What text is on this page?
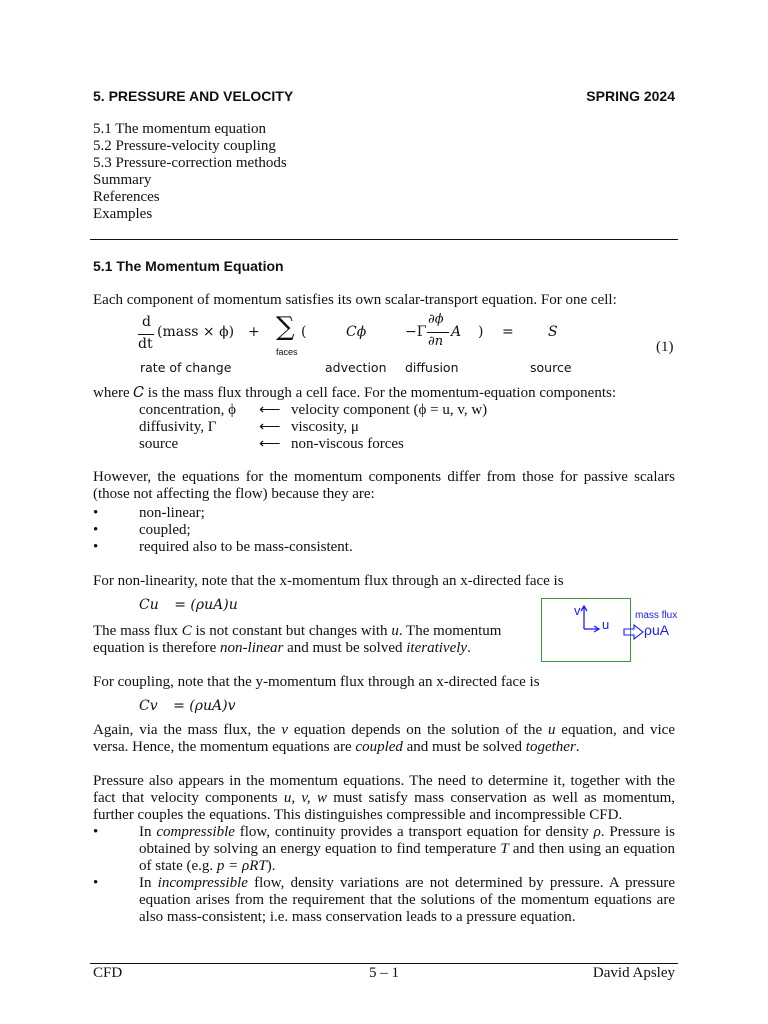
5. PRESSURE AND VELOCITY	SPRING 2024
5.1 The momentum equation
5.2 Pressure-velocity coupling
5.3 Pressure-correction methods
Summary
References
Examples
5.1 The Momentum Equation
Each component of momentum satisfies its own scalar-transport equation. For one cell:
d
dt
(mass × ϕ) + ∑ (
faces
Cϕ	−Γ
∂ϕ
∂n
A ) = S
(1)
rate of change	advection diffusion	source
where 𝐶 is the mass flux through a cell face. For the momentum-equation components:
concentration, ϕ ⟵ velocity component (ϕ = u, v, w)
diffusivity, Γ	⟵ viscosity, μ
source	⟵ non-viscous forces
However, the equations for the momentum components differ from those for passive scalars (those not affecting the flow) because they are:
• non-linear;
• coupled;
• required also to be mass-consistent.
For non-linearity, note that the x-momentum flux through an x-directed face is
Cu = (ρuA)u
The mass flux C is not constant but changes with u. The momentum equation is therefore non-linear and must be solved iteratively.
v
u
mass flux
ρuA
For coupling, note that the y-momentum flux through an x-directed face is
Cv = (ρuA)v
Again, via the mass flux, the v equation depends on the solution of the u equation, and vice versa. Hence, the momentum equations are coupled and must be solved together.
Pressure also appears in the momentum equations. The need to determine it, together with the fact that velocity components u, v, w must satisfy mass conservation as well as momentum, further couples the equations. This distinguishes compressible and incompressible CFD.
• In compressible flow, continuity provides a transport equation for density ρ. Pressure is obtained by solving an energy equation to find temperature T and then using an equation of state (e.g. p = ρRT).
• In incompressible flow, density variations are not determined by pressure. A pressure equation arises from the requirement that the solutions of the momentum equations are also mass-consistent; i.e. mass conservation leads to a pressure equation.
CFD	5 – 1	David Apsley
